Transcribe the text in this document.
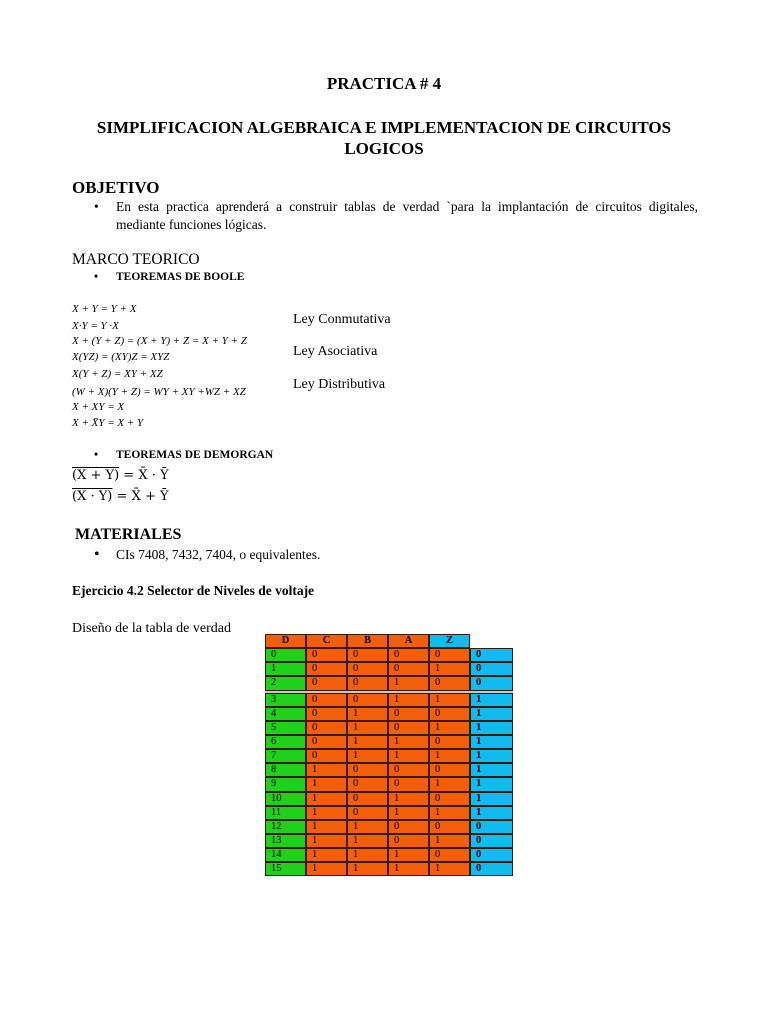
PRACTICA # 4
SIMPLIFICACION ALGEBRAICA E IMPLEMENTACION DE CIRCUITOS LOGICOS
OBJETIVO
• En esta practica aprenderá a construir tablas de verdad `para la implantación de circuitos digitales, mediante funciones lógicas.
MARCO TEORICO
• TEOREMAS DE BOOLE
X + Y = Y + X
X·Y = Y ·X
X + (Y + Z) = (X + Y) + Z = X + Y + Z
X(YZ) = (XY)Z = XYZ
X(Y + Z) = XY + XZ
(W + X)(Y + Z) = WY + XY +WZ + XZ
X + XY = X
X + X̄Y = X + Y
Ley Conmutativa
Ley Asociativa
Ley Distributiva
• TEOREMAS DE DEMORGAN
(X + Y) = X̄ · Ȳ
(X · Y) = X̄ + Ȳ
MATERIALES
• CIs 7408, 7432, 7404, o equivalentes.
Ejercicio 4.2 Selector de Niveles de voltaje
Diseño de la tabla de verdad
D	C	B	A	Z
0	0	0	0	0	0
1	0	0	0	1	0
2	0	0	1	0	0
3	0	0	1	1	1
4	0	1	0	0	1
5	0	1	0	1	1
6	0	1	1	0	1
7	0	1	1	1	1
8	1	0	0	0	1
9	1	0	0	1	1
10	1	0	1	0	1
11	1	0	1	1	1
12	1	1	0	0	0
13	1	1	0	1	0
14	1	1	1	0	0
15	1	1	1	1	0
